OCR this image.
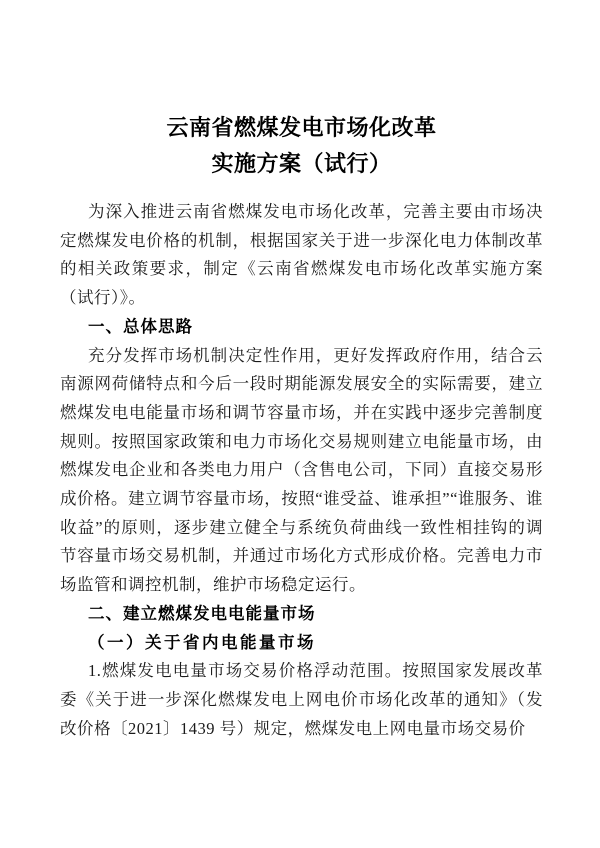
云南省燃煤发电市场化改革
实施方案（试行）

为深入推进云南省燃煤发电市场化改革，完善主要由市场决定燃煤发电价格的机制，根据国家关于进一步深化电力体制改革的相关政策要求，制定《云南省燃煤发电市场化改革实施方案（试行）》。

一、总体思路

充分发挥市场机制决定性作用，更好发挥政府作用，结合云南源网荷储特点和今后一段时期能源发展安全的实际需要，建立燃煤发电电能量市场和调节容量市场，并在实践中逐步完善制度规则。按照国家政策和电力市场化交易规则建立电能量市场，由燃煤发电企业和各类电力用户（含售电公司，下同）直接交易形成价格。建立调节容量市场，按照“谁受益、谁承担”“谁服务、谁收益”的原则，逐步建立健全与系统负荷曲线一致性相挂钩的调节容量市场交易机制，并通过市场化方式形成价格。完善电力市场监管和调控机制，维护市场稳定运行。

二、建立燃煤发电电能量市场

（一）关于省内电能量市场

1.燃煤发电电量市场交易价格浮动范围。按照国家发展改革委《关于进一步深化燃煤发电上网电价市场化改革的通知》（发改价格〔2021〕1439 号）规定，燃煤发电上网电量市场交易价
